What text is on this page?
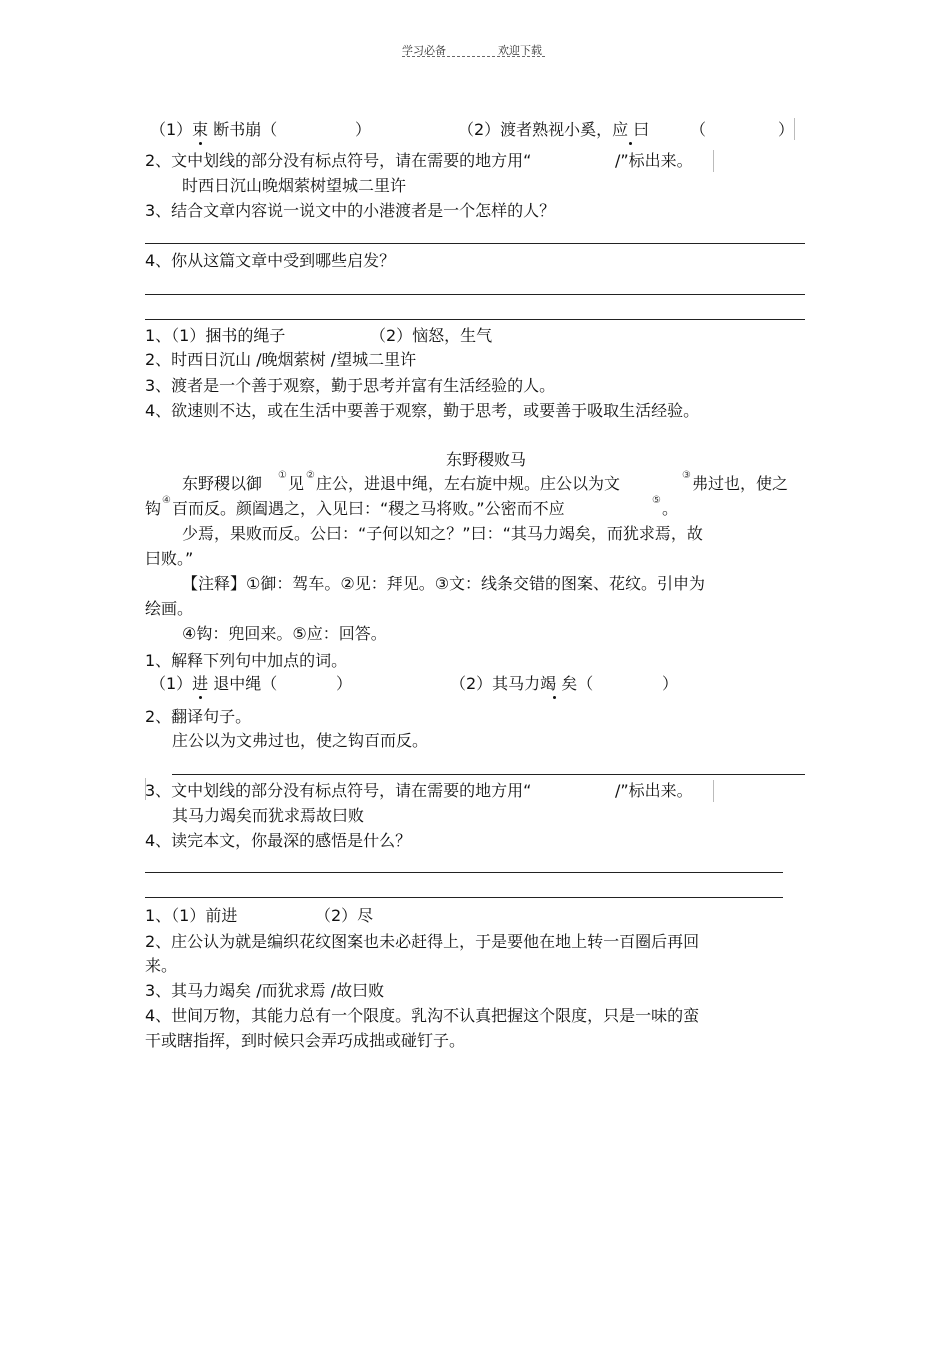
学习必备	欢迎下载
（1）束 断书崩（	）	（2）渡者熟视小奚，应 曰	（	）
2、文中划线的部分没有标点符号，请在需要的地方用“	/”标出来。
时西日沉山晚烟萦树望城二里许
3、结合文章内容说一说文中的小港渡者是一个怎样的人？
4、你从这篇文章中受到哪些启发？
1、（1）捆书的绳子	（2）恼怒，生气
2、时西日沉山 /晚烟萦树 /望城二里许
3、渡者是一个善于观察，勤于思考并富有生活经验的人。
4、欲速则不达，或在生活中要善于观察，勤于思考，或要善于吸取生活经验。
东野稷败马
东野稷以御 ① 见 ② 庄公，进退中绳，左右旋中规。庄公以为文	③ 弗过也，使之
钩 ④ 百而反。颜阖遇之，入见曰：“稷之马将败。”公密而不应	⑤ 。
少焉，果败而反。公曰：“子何以知之？”曰：“其马力竭矣，而犹求焉，故
曰败。”
【注释】①御：驾车。②见：拜见。③文：线条交错的图案、花纹。引申为
绘画。
④钩：兜回来。⑤应：回答。
1、解释下列句中加点的词。
（1）进 退中绳（	）	（2）其马力竭 矣（	）
2、翻译句子。
庄公以为文弗过也，使之钩百而反。
3、文中划线的部分没有标点符号，请在需要的地方用“	/”标出来。
其马力竭矣而犹求焉故曰败
4、读完本文，你最深的感悟是什么？
1、（1）前进	（2）尽
2、庄公认为就是编织花纹图案也未必赶得上，于是要他在地上转一百圈后再回
来。
3、其马力竭矣 /而犹求焉 /故曰败
4、世间万物，其能力总有一个限度。乳沟不认真把握这个限度，只是一味的蛮
干或瞎指挥，到时候只会弄巧成拙或碰钉子。
